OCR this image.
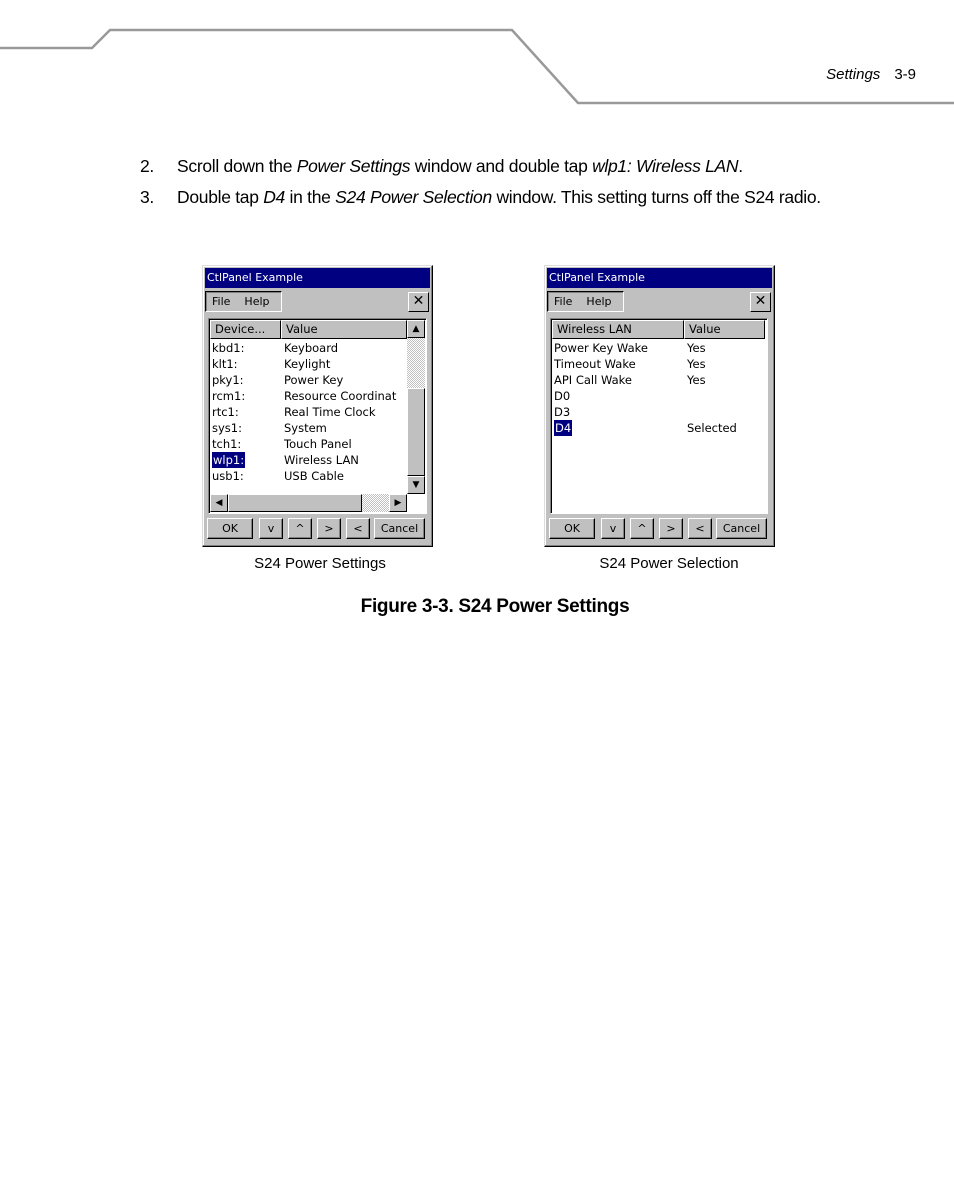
Settings 3-9
2.	Scroll down the Power Settings window and double tap wlp1: Wireless LAN.
3.	Double tap D4 in the S24 Power Selection window. This setting turns off the S24 radio.
CtlPanel Example
File Help	✕
Device...	Value
kbd1:	Keyboard
klt1:	Keylight
pky1:	Power Key
rcm1:	Resource Coordinat
rtc1:	Real Time Clock
sys1:	System
tch1:	Touch Panel
wlp1:	Wireless LAN
usb1:	USB Cable
▲
▼
◀	▶
OK	v	^	>	<	Cancel
S24 Power Settings
CtlPanel Example
File Help	✕
Wireless LAN	Value
Power Key Wake	Yes
Timeout Wake	Yes
API Call Wake	Yes
D0
D3
D4	Selected
OK	v	^	>	<	Cancel
S24 Power Selection
Figure 3-3. S24 Power Settings
